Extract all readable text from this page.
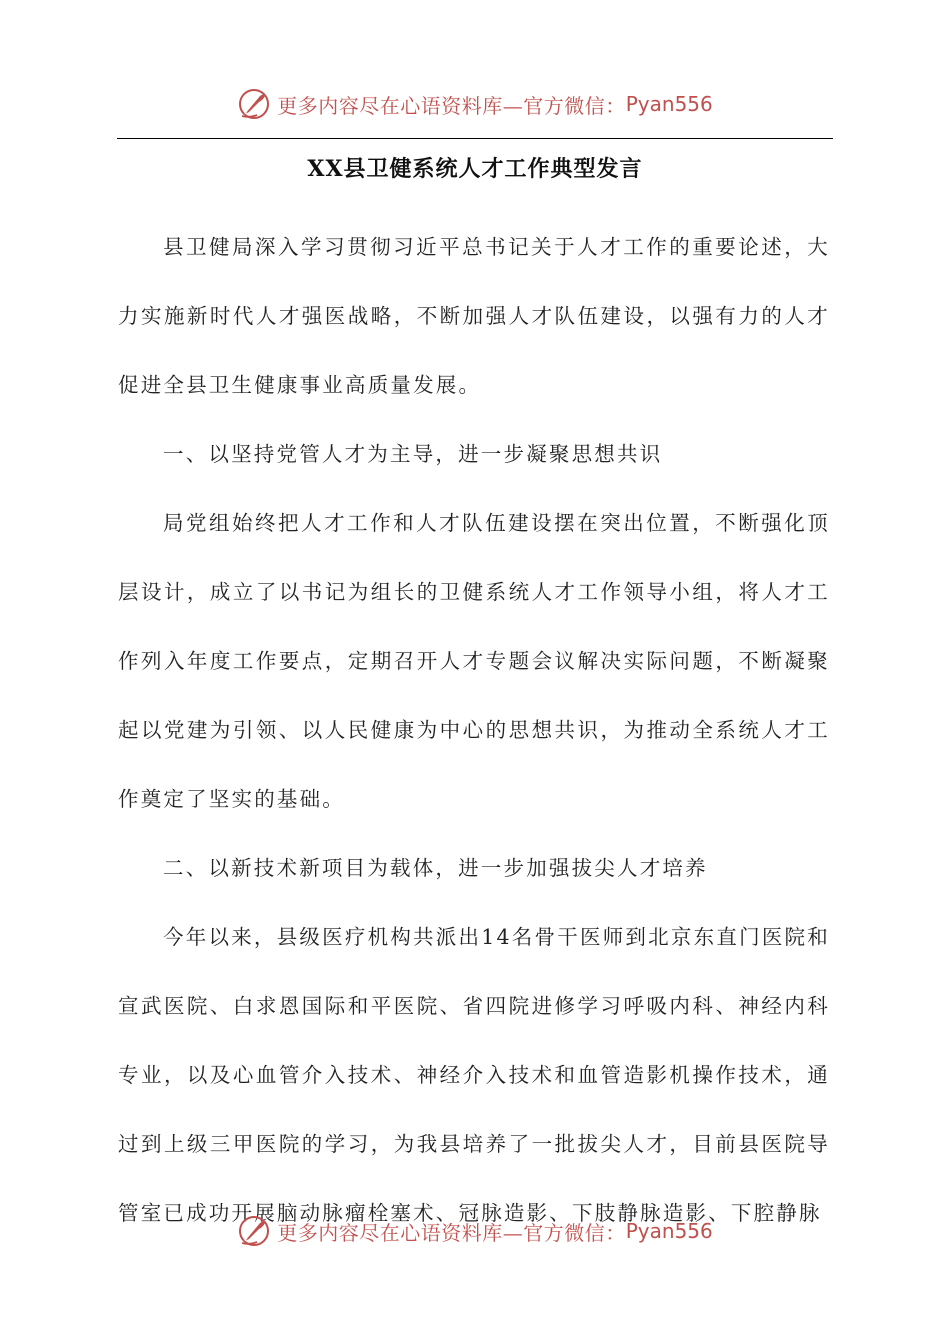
更多内容尽在心语资料库—官方微信： Pyan556
XX县卫健系统人才工作典型发言

县卫健局深入学习贯彻习近平总书记关于人才工作的重要论述，大力实施新时代人才强医战略，不断加强人才队伍建设，以强有力的人才促进全县卫生健康事业高质量发展。

一、以坚持党管人才为主导，进一步凝聚思想共识

局党组始终把人才工作和人才队伍建设摆在突出位置，不断强化顶层设计，成立了以书记为组长的卫健系统人才工作领导小组，将人才工作列入年度工作要点，定期召开人才专题会议解决实际问题，不断凝聚起以党建为引领、以人民健康为中心的思想共识，为推动全系统人才工作奠定了坚实的基础。

二、以新技术新项目为载体，进一步加强拔尖人才培养

今年以来，县级医疗机构共派出14名骨干医师到北京东直门医院和宣武医院、白求恩国际和平医院、省四院进修学习呼吸内科、神经内科专业，以及心血管介入技术、神经介入技术和血管造影机操作技术，通过到上级三甲医院的学习，为我县培养了一批拔尖人才，目前县医院导管室已成功开展脑动脉瘤栓塞术、冠脉造影、下肢静脉造影、下腔静脉

更多内容尽在心语资料库—官方微信： Pyan556
